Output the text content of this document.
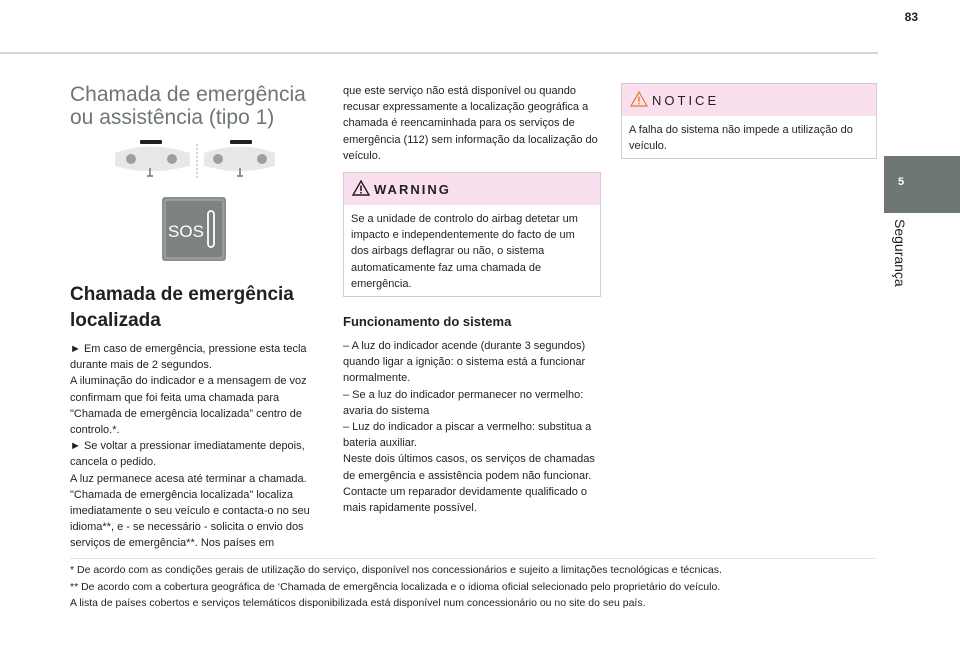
83
5
Segurança
Chamada de emergência ou assistência (tipo 1)
SOS
Chamada de emergência localizada

► Em caso de emergência, pressione esta tecla durante mais de 2 segundos.
A iluminação do indicador e a mensagem de voz confirmam que foi feita uma chamada para "Chamada de emergência localizada” centro de controlo.*.
► Se voltar a pressionar imediatamente depois, cancela o pedido.
A luz permanece acesa até terminar a chamada.
"Chamada de emergência localizada" localiza imediatamente o seu veículo e contacta-o no seu idioma**, e - se necessário - solicita o envio dos serviços de emergência**. Nos países em

que este serviço não está disponível ou quando recusar expressamente a localização geográfica a chamada é reencaminhada para os serviços de emergência (112) sem informação da localização do veículo.

WARNING

Se a unidade de controlo do airbag detetar um impacto e independentemente do facto de um dos airbags deflagrar ou não, o sistema automaticamente faz uma chamada de emergência.

Funcionamento do sistema

– A luz do indicador acende (durante 3 segundos) quando ligar a ignição: o sistema está a funcionar normalmente.
– Se a luz do indicador permanecer no vermelho: avaria do sistema
– Luz do indicador a piscar a vermelho: substitua a bateria auxiliar.
Neste dois últimos casos, os serviços de chamadas de emergência e assistência podem não funcionar.
Contacte um reparador devidamente qualificado o mais rapidamente possível.

NOTICE

A falha do sistema não impede a utilização do veículo.

* De acordo com as condições gerais de utilização do serviço, disponível nos concessionários e sujeito a limitações tecnológicas e técnicas.

** De acordo com a cobertura geográfica de ‘Chamada de emergência localizada e o idioma oficial selecionado pelo proprietário do veículo.

A lista de países cobertos e serviços telemáticos disponibilizada está disponível num concessionário ou no site do seu país.
